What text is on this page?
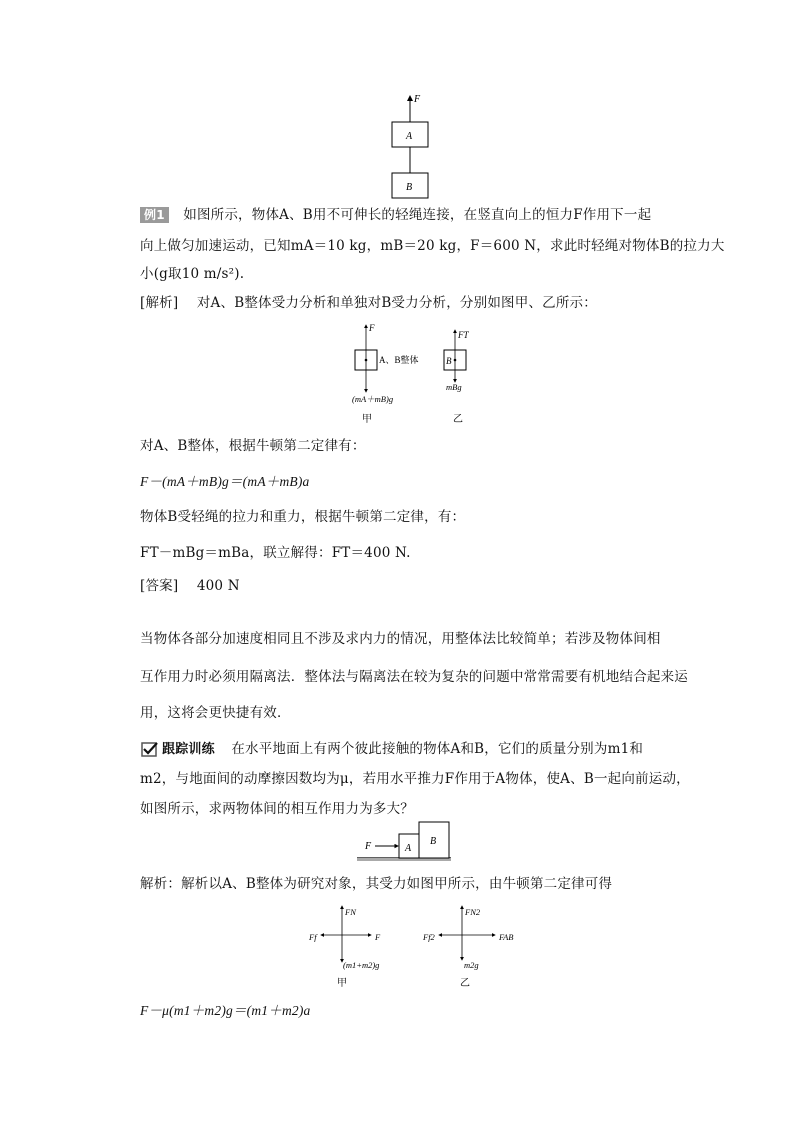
F
A
B
例1 如图所示，物体A、B用不可伸长的轻绳连接，在竖直向上的恒力F作用下一起
向上做匀加速运动，已知mA＝10 kg，mB＝20 kg，F＝600 N，求此时轻绳对物体B的拉力大
小(g取10 m/s²).
[解析] 对A、B整体受力分析和单独对B受力分析，分别如图甲、乙所示：
F
A、B整体
(mA＋mB)g
甲
FT
B
mBg
乙
对A、B整体，根据牛顿第二定律有：
F－(mA＋mB)g＝(mA＋mB)a
物体B受轻绳的拉力和重力，根据牛顿第二定律，有：
FT－mBg＝mBa，联立解得：FT＝400 N.
[答案] 400 N
当物体各部分加速度相同且不涉及求内力的情况，用整体法比较简单；若涉及物体间相
互作用力时必须用隔离法．整体法与隔离法在较为复杂的问题中常常需要有机地结合起来运
用，这将会更快捷有效．
跟踪训练 在水平地面上有两个彼此接触的物体A和B，它们的质量分别为m1和
m2，与地面间的动摩擦因数均为μ，若用水平推力F作用于A物体，使A、B一起向前运动，
如图所示，求两物体间的相互作用力为多大？
F	A
B
解析：解析以A、B整体为研究对象，其受力如图甲所示，由牛顿第二定律可得
FN
Ff	F
(m1+m2)g
甲
FN2
Ff2	FAB
m2g
乙
F－μ(m1＋m2)g＝(m1＋m2)a
